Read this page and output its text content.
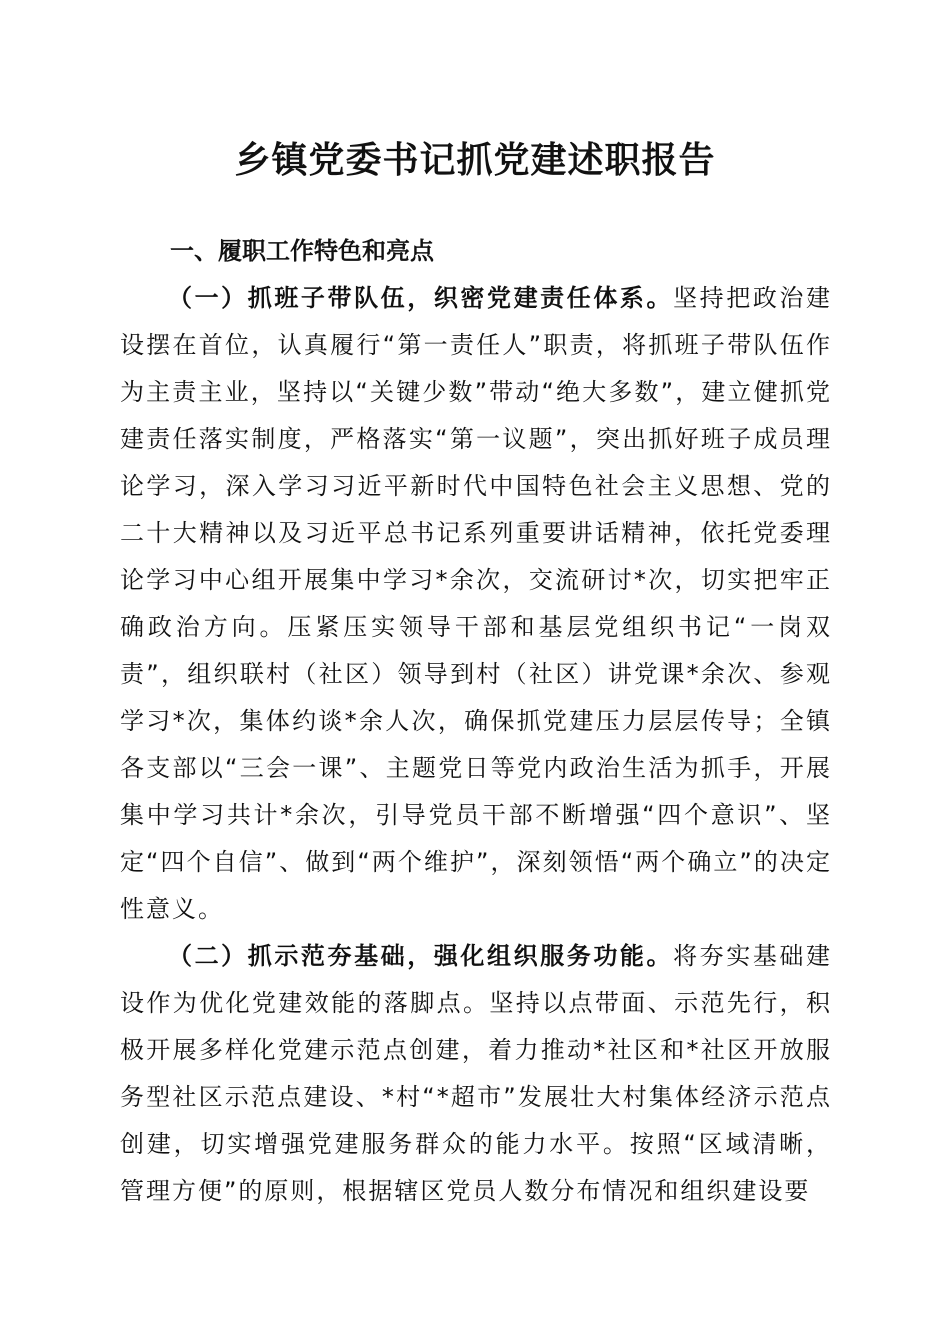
乡镇党委书记抓党建述职报告

一、履职工作特色和亮点

（一）抓班子带队伍，织密党建责任体系。坚持把政治建设摆在首位，认真履行“第一责任人”职责，将抓班子带队伍作为主责主业，坚持以“关键少数”带动“绝大多数”，建立健抓党建责任落实制度，严格落实“第一议题”，突出抓好班子成员理论学习，深入学习习近平新时代中国特色社会主义思想、党的二十大精神以及习近平总书记系列重要讲话精神，依托党委理论学习中心组开展集中学习*余次，交流研讨*次，切实把牢正确政治方向。压紧压实领导干部和基层党组织书记“一岗双责”，组织联村（社区）领导到村（社区）讲党课*余次、参观学习*次，集体约谈*余人次，确保抓党建压力层层传导；全镇各支部以“三会一课”、主题党日等党内政治生活为抓手，开展集中学习共计*余次，引导党员干部不断增强“四个意识”、坚定“四个自信”、做到“两个维护”，深刻领悟“两个确立”的决定性意义。

（二）抓示范夯基础，强化组织服务功能。将夯实基础建设作为优化党建效能的落脚点。坚持以点带面、示范先行，积极开展多样化党建示范点创建，着力推动*社区和*社区开放服务型社区示范点建设、*村“*超市”发展壮大村集体经济示范点创建，切实增强党建服务群众的能力水平。按照“区域清晰，管理方便”的原则，根据辖区党员人数分布情况和组织建设要
